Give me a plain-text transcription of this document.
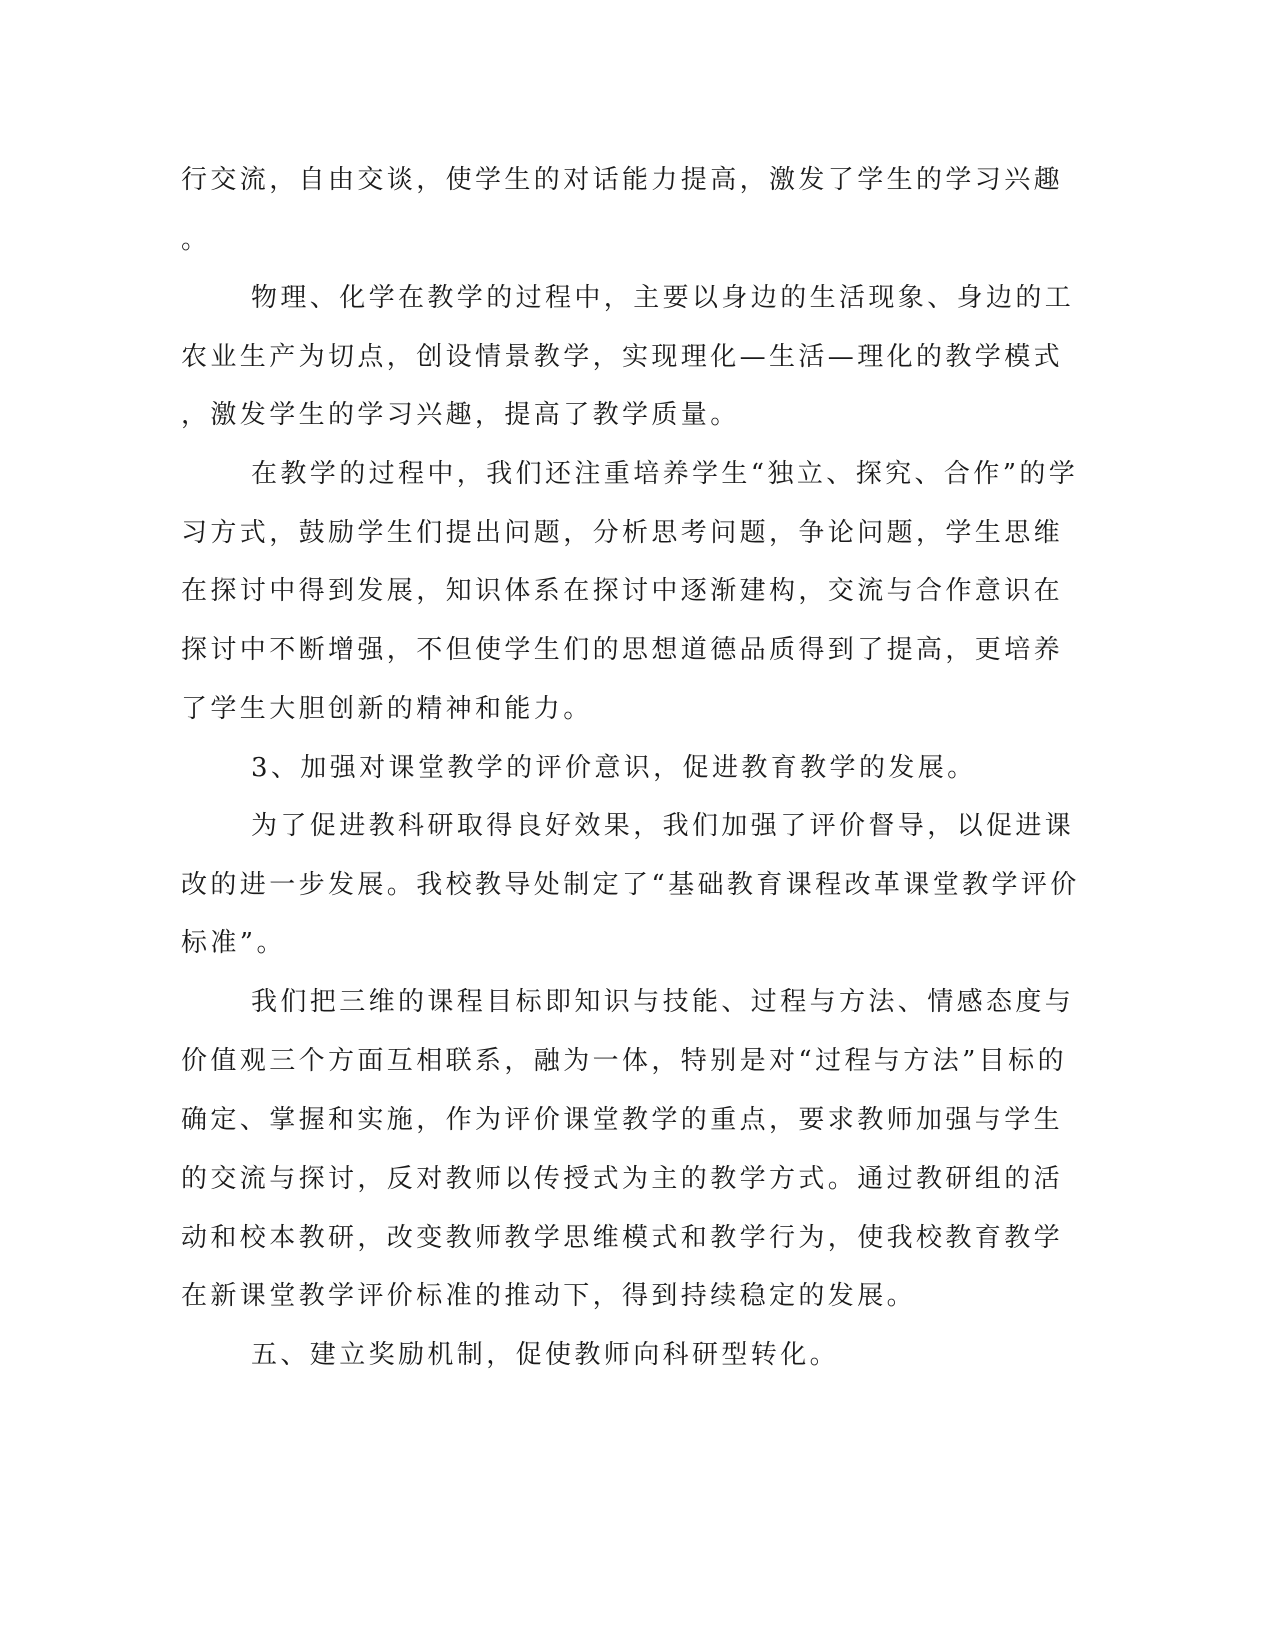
行交流，自由交谈，使学生的对话能力提高，激发了学生的学习兴趣
。
物理、化学在教学的过程中，主要以身边的生活现象、身边的工
农业生产为切点，创设情景教学，实现理化—生活—理化的教学模式
，激发学生的学习兴趣，提高了教学质量。
在教学的过程中，我们还注重培养学生“独立、探究、合作”的学
习方式，鼓励学生们提出问题，分析思考问题，争论问题，学生思维
在探讨中得到发展，知识体系在探讨中逐渐建构，交流与合作意识在
探讨中不断增强，不但使学生们的思想道德品质得到了提高，更培养
了学生大胆创新的精神和能力。
3、加强对课堂教学的评价意识，促进教育教学的发展。
为了促进教科研取得良好效果，我们加强了评价督导，以促进课
改的进一步发展。我校教导处制定了“基础教育课程改革课堂教学评价
标准”。
我们把三维的课程目标即知识与技能、过程与方法、情感态度与
价值观三个方面互相联系，融为一体，特别是对“过程与方法”目标的
确定、掌握和实施，作为评价课堂教学的重点，要求教师加强与学生
的交流与探讨，反对教师以传授式为主的教学方式。通过教研组的活
动和校本教研，改变教师教学思维模式和教学行为，使我校教育教学
在新课堂教学评价标准的推动下，得到持续稳定的发展。
五、建立奖励机制，促使教师向科研型转化。
